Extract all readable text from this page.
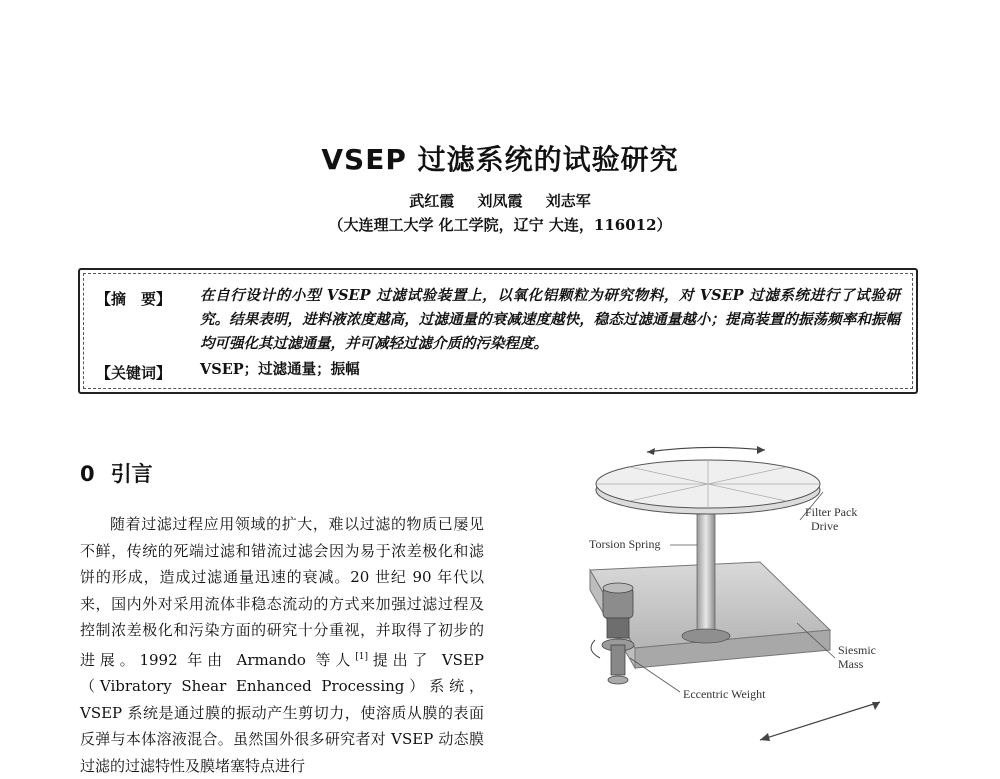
VSEP 过滤系统的试验研究
武红霞 刘凤霞 刘志军
（大连理工大学 化工学院，辽宁 大连，116012）
【摘　要】 在自行设计的小型 VSEP 过滤试验装置上，以氧化铝颗粒为研究物料，对 VSEP 过滤系统进行了试验研究。结果表明，进料液浓度越高，过滤通量的衰减速度越快，稳态过滤通量越小；提高装置的振荡频率和振幅均可强化其过滤通量，并可减轻过滤介质的污染程度。
【关键词】 VSEP；过滤通量；振幅
0 引言
随着过滤过程应用领域的扩大，难以过滤的物质已屡见不鲜，传统的死端过滤和错流过滤会因为易于浓差极化和滤饼的形成，造成过滤通量迅速的衰减。20 世纪 90 年代以来，国内外对采用流体非稳态流动的方式来加强过滤过程及控制浓差极化和污染方面的研究十分重视，并取得了初步的进展。1992 年由 Armando 等人[1]提出了 VSEP（Vibratory Shear Enhanced Processing）系统，VSEP 系统是通过膜的振动产生剪切力，使溶质从膜的表面反弹与本体溶液混合。虽然国外很多研究者对 VSEP 动态膜过滤的过滤特性及膜堵塞特点进行
Filter Pack
Drive
Torsion Spring
Siesmic
Mass
Eccentric Weight
